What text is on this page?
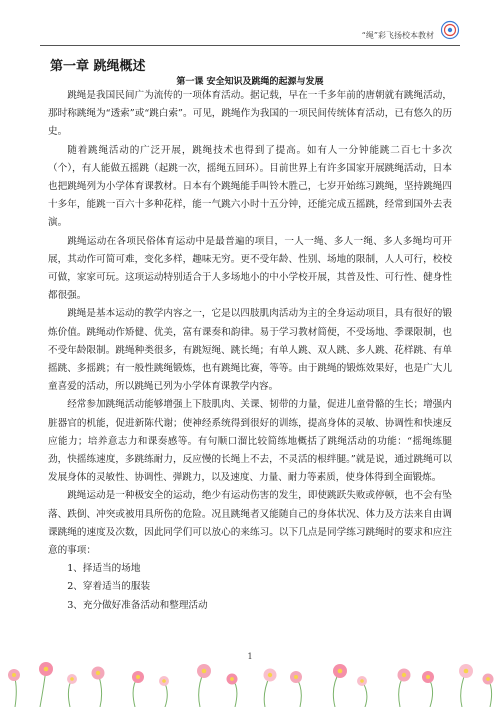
“绳”彩飞扬校本教材
第一章 跳绳概述
第一课 安全知识及跳绳的起源与发展

跳绳是我国民间广为流传的一项体育活动。据记载，早在一千多年前的唐朝就有跳绳活动，那时称跳绳为“透索”或“跳白索”。可见，跳绳作为我国的一项民间传统体育活动，已有悠久的历史。

随着跳绳活动的广泛开展，跳绳技术也得到了提高。如有人一分钟能跳二百七十多次（个），有人能做五摇跳（起跳一次，摇绳五回环）。目前世界上有许多国家开展跳绳活动，日本也把跳绳列为小学体育课教材。日本有个跳绳能手叫铃木胜己，七岁开始练习跳绳，坚持跳绳四十多年，能跳一百六十多种花样，能一气跳六小时十五分钟，还能完成五摇跳，经常到国外去表演。

跳绳运动在各项民俗体育运动中是最普遍的项目，一人一绳、多人一绳、多人多绳均可开展，其动作可简可难，变化多样，趣味无穷。更不受年龄、性别、场地的限制，人人可行，校校可做，家家可玩。这项运动特别适合于人多场地小的中小学校开展，其普及性、可行性、健身性都很强。

跳绳是基本运动的教学内容之一，它是以四肢肌肉活动为主的全身运动项目，具有很好的锻炼价值。跳绳动作矫健、优美，富有课奏和韵律。易于学习教材简便，不受场地、季课限制，也不受年龄限制。跳绳种类很多，有跳短绳、跳长绳；有单人跳、双人跳、多人跳、花样跳、有单摇跳、多摇跳；有一般性跳绳锻炼，也有跳绳比赛，等等。由于跳绳的锻炼效果好，也是广大儿童喜爱的活动，所以跳绳已列为小学体育课教学内容。

经常参加跳绳活动能够增强上下肢肌肉、关课、韧带的力量，促进儿童骨骼的生长；增强内脏器官的机能，促进新陈代谢；使神经系统得到很好的训练，提高身体的灵敏、协调性和快速反应能力；培养意志力和课奏感等。有句顺口溜比较简练地概括了跳绳活动的功能：“摇绳练腿劲，快摇练速度，多跳练耐力，反应慢的长绳上不去，不灵活的根绊腿。”就是说，通过跳绳可以发展身体的灵敏性、协调性、弹跳力，以及速度、力量、耐力等素质，使身体得到全面锻炼。

跳绳运动是一种极安全的运动，绝少有运动伤害的发生，即使跳跃失败或停顿，也不会有坠落、跌倒、冲突或被用具所伤的危险。况且跳绳者又能随自己的身体状况、体力及方法来自由调课跳绳的速度及次数，因此同学们可以放心的来练习。以下几点是同学练习跳绳时的要求和应注意的事项：

1、择适当的场地
2、穿着适当的服装
3、充分做好准备活动和整理活动
1
